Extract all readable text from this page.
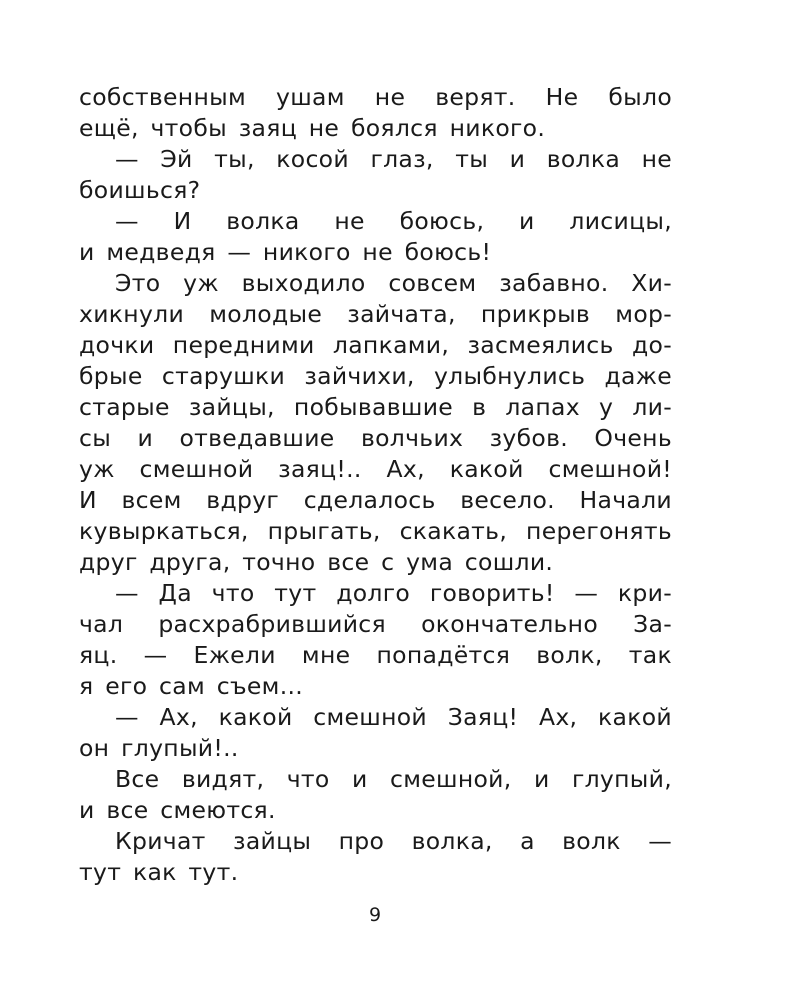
собственным ушам не верят. Не было
ещё, чтобы заяц не боялся никого.
— Эй ты, косой глаз, ты и волка не
боишься?
— И волка не боюсь, и лисицы,
и медведя — никого не боюсь!
Это уж выходило совсем забавно. Хи-
хикнули молодые зайчата, прикрыв мор-
дочки передними лапками, засмеялись до-
брые старушки зайчихи, улыбнулись даже
старые зайцы, побывавшие в лапах у ли-
сы и отведавшие волчьих зубов. Очень
уж смешной заяц!.. Ах, какой смешной!
И всем вдруг сделалось весело. Начали
кувыркаться, прыгать, скакать, перегонять
друг друга, точно все с ума сошли.
— Да что тут долго говорить! — кри-
чал расхрабрившийся окончательно За-
яц. — Ежели мне попадётся волк, так
я его сам съем...
— Ах, какой смешной Заяц! Ах, какой
он глупый!..
Все видят, что и смешной, и глупый,
и все смеются.
Кричат зайцы про волка, а волк —
тут как тут.
9
